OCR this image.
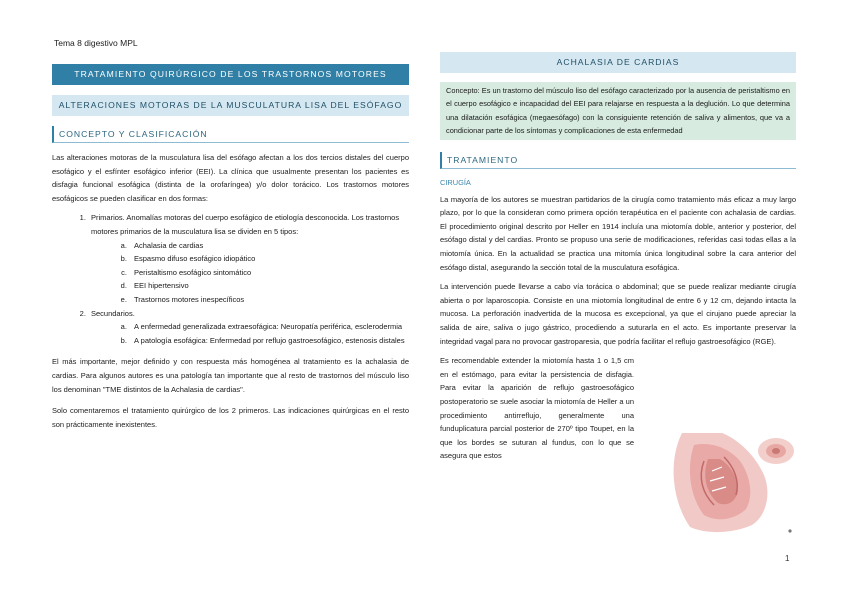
Tema 8 digestivo MPL
TRATAMIENTO QUIRÚRGICO DE LOS TRASTORNOS MOTORES
ALTERACIONES MOTORAS DE LA MUSCULATURA LISA DEL ESÓFAGO
CONCEPTO Y CLASIFICACIÓN

Las alteraciones motoras de la musculatura lisa del esófago afectan a los dos tercios distales del cuerpo esofágico y el esfínter esofágico inferior (EEI). La clínica que usualmente presentan los pacientes es disfagia funcional esofágica (distinta de la orofaríngea) y/o dolor torácico. Los trastornos motores esofágicos se pueden clasificar en dos formas:

1. Primarios. Anomalías motoras del cuerpo esofágico de etiología desconocida. Los trastornos motores primarios de la musculatura lisa se dividen en 5 tipos:
a. Achalasia de cardias
b. Espasmo difuso esofágico idiopático
c. Peristaltismo esofágico sintomático
d. EEI hipertensivo
e. Trastornos motores inespecíficos
2. Secundarios.
a. A enfermedad generalizada extraesofágica: Neuropatía periférica, esclerodermia
b. A patología esofágica: Enfermedad por reflujo gastroesofágico, estenosis distales

El más importante, mejor definido y con respuesta más homogénea al tratamiento es la achalasia de cardias. Para algunos autores es una patología tan importante que al resto de trastornos del músculo liso los denominan "TME distintos de la Achalasia de cardias".

Solo comentaremos el tratamiento quirúrgico de los 2 primeros. Las indicaciones quirúrgicas en el resto son prácticamente inexistentes.

ACHALASIA DE CARDIAS
Concepto: Es un trastorno del músculo liso del esófago caracterizado por la ausencia de peristaltismo en el cuerpo esofágico e incapacidad del EEI para relajarse en respuesta a la deglución. Lo que determina una dilatación esofágica (megaesófago) con la consiguiente retención de saliva y alimentos, que va a condicionar parte de los síntomas y complicaciones de esta enfermedad
TRATAMIENTO
CIRUGÍA

La mayoría de los autores se muestran partidarios de la cirugía como tratamiento más eficaz a muy largo plazo, por lo que la consideran como primera opción terapéutica en el paciente con achalasia de cardias. El procedimiento original descrito por Heller en 1914 incluía una miotomía doble, anterior y posterior, del esófago distal y del cardias. Pronto se propuso una serie de modificaciones, referidas casi todas ellas a la miotomía única. En la actualidad se practica una mitomía única longitudinal sobre la cara anterior del esófago distal, asegurando la sección total de la musculatura esofágica.

La intervención puede llevarse a cabo vía torácica o abdominal; que se puede realizar mediante cirugía abierta o por laparoscopia. Consiste en una miotomía longitudinal de entre 6 y 12 cm, dejando intacta la mucosa. La perforación inadvertida de la mucosa es excepcional, ya que el cirujano puede apreciar la salida de aire, saliva o jugo gástrico, procediendo a suturarla en el acto. Es importante preservar la integridad vagal para no provocar gastroparesia, que podría facilitar el reflujo gastroesofágico (RGE).

Es recomendable extender la miotomía hasta 1 o 1,5 cm en el estómago, para evitar la persistencia de disfagia. Para evitar la aparición de reflujo gastroesofágico postoperatorio se suele asociar la miotomía de Heller a un procedimiento antirreflujo, generalmente una funduplicatura parcial posterior de 270º tipo Toupet, en la que los bordes se suturan al fundus, con lo que se asegura que estos

1
